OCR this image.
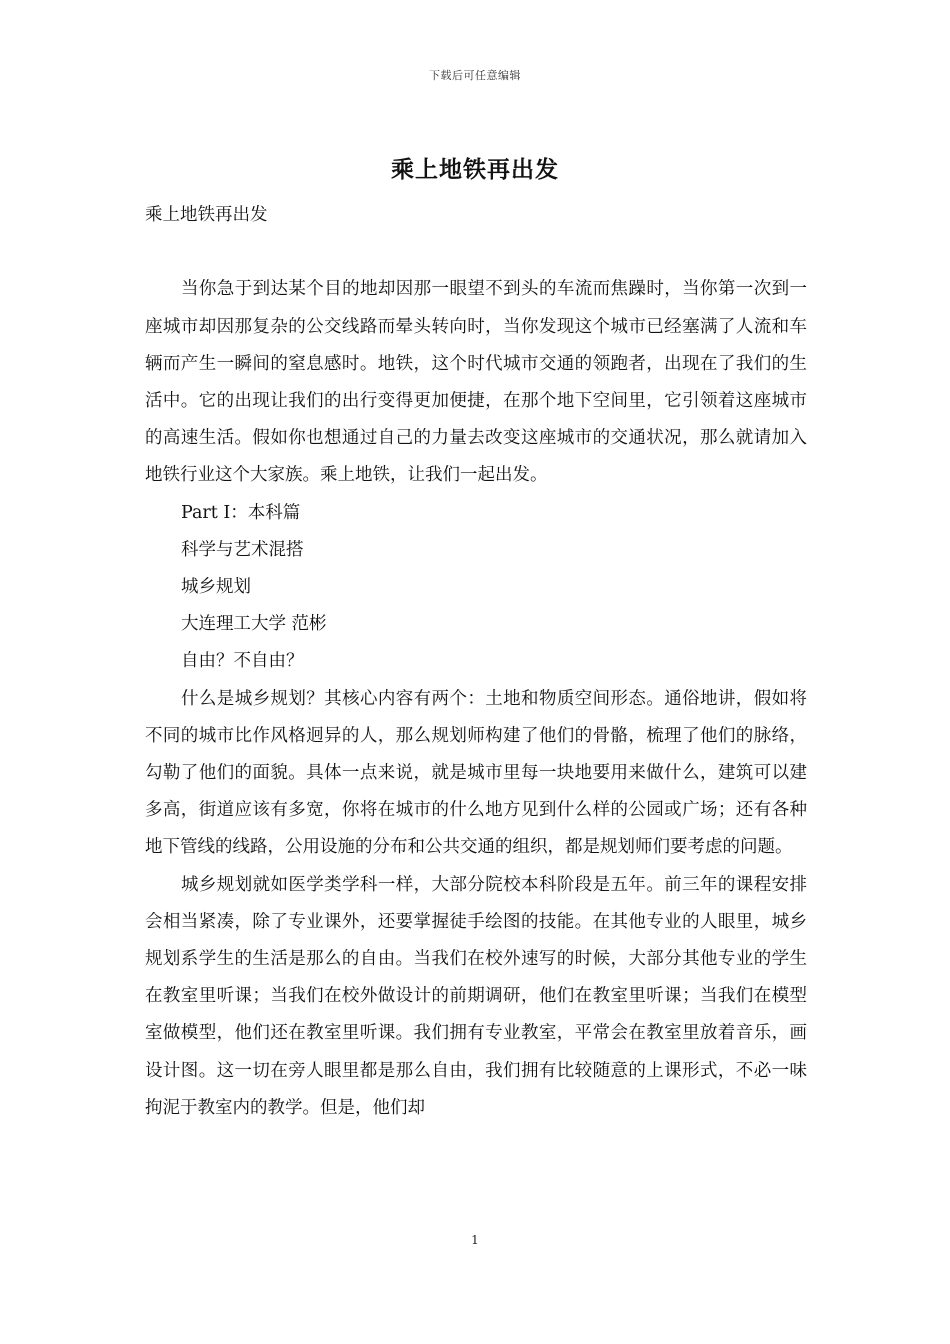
下载后可任意编辑
乘上地铁再出发

乘上地铁再出发

当你急于到达某个目的地却因那一眼望不到头的车流而焦躁时，当你第一次到一座城市却因那复杂的公交线路而晕头转向时，当你发现这个城市已经塞满了人流和车辆而产生一瞬间的窒息感时。地铁，这个时代城市交通的领跑者，出现在了我们的生活中。它的出现让我们的出行变得更加便捷，在那个地下空间里，它引领着这座城市的高速生活。假如你也想通过自己的力量去改变这座城市的交通状况，那么就请加入地铁行业这个大家族。乘上地铁，让我们一起出发。

Part Ⅰ：本科篇

科学与艺术混搭

城乡规划

大连理工大学 范彬

自由？不自由？

什么是城乡规划？其核心内容有两个：土地和物质空间形态。通俗地讲，假如将不同的城市比作风格迥异的人，那么规划师构建了他们的骨骼，梳理了他们的脉络，勾勒了他们的面貌。具体一点来说，就是城市里每一块地要用来做什么，建筑可以建多高，街道应该有多宽，你将在城市的什么地方见到什么样的公园或广场；还有各种地下管线的线路，公用设施的分布和公共交通的组织，都是规划师们要考虑的问题。

城乡规划就如医学类学科一样，大部分院校本科阶段是五年。前三年的课程安排会相当紧凑，除了专业课外，还要掌握徒手绘图的技能。在其他专业的人眼里，城乡规划系学生的生活是那么的自由。当我们在校外速写的时候，大部分其他专业的学生在教室里听课；当我们在校外做设计的前期调研，他们在教室里听课；当我们在模型室做模型，他们还在教室里听课。我们拥有专业教室，平常会在教室里放着音乐，画设计图。这一切在旁人眼里都是那么自由，我们拥有比较随意的上课形式，不必一味拘泥于教室内的教学。但是，他们却

1
